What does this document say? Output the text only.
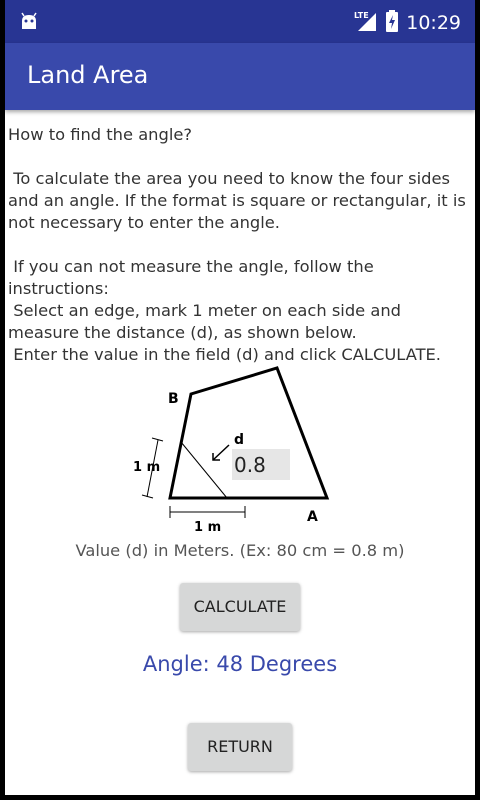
LTE 10:29
Land Area
How to find the angle?

To calculate the area you need to know the four sides and an angle. If the format is square or rectangular, it is not necessary to enter the angle.

If you can not measure the angle, follow the instructions:
Select an edge, mark 1 meter on each side and measure the distance (d), as shown below.
Enter the value in the field (d) and click CALCULATE.
B
A
d
1 m
1 m
0.8
Value (d) in Meters. (Ex: 80 cm = 0.8 m)
CALCULATE
Angle: 48 Degrees
RETURN
